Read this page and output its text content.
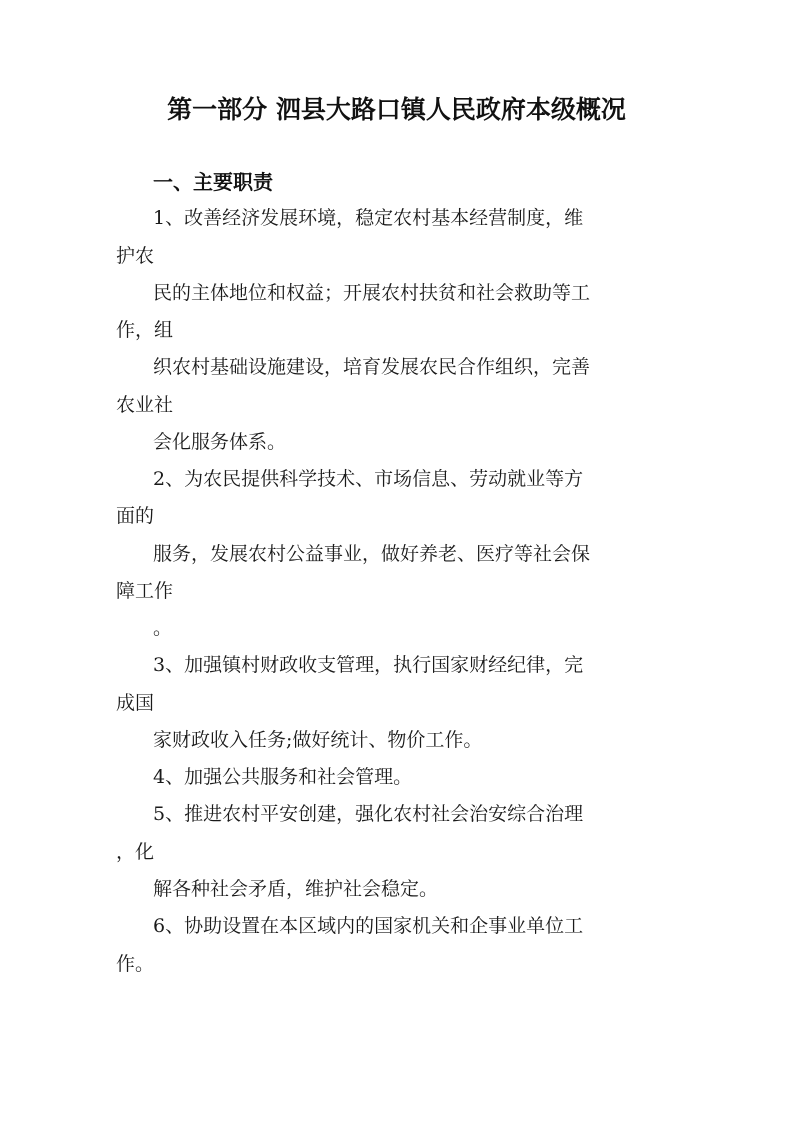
第一部分 泗县大路口镇人民政府本级概况
一、主要职责
1、改善经济发展环境，稳定农村基本经营制度，维
护农
民的主体地位和权益；开展农村扶贫和社会救助等工
作，组
织农村基础设施建设，培育发展农民合作组织，完善
农业社
会化服务体系。
2、为农民提供科学技术、市场信息、劳动就业等方
面的
服务，发展农村公益事业，做好养老、医疗等社会保
障工作
。
3、加强镇村财政收支管理，执行国家财经纪律，完
成国
家财政收入任务;做好统计、物价工作。
4、加强公共服务和社会管理。
5、推进农村平安创建，强化农村社会治安综合治理
，化
解各种社会矛盾，维护社会稳定。
6、协助设置在本区域内的国家机关和企事业单位工
作。
